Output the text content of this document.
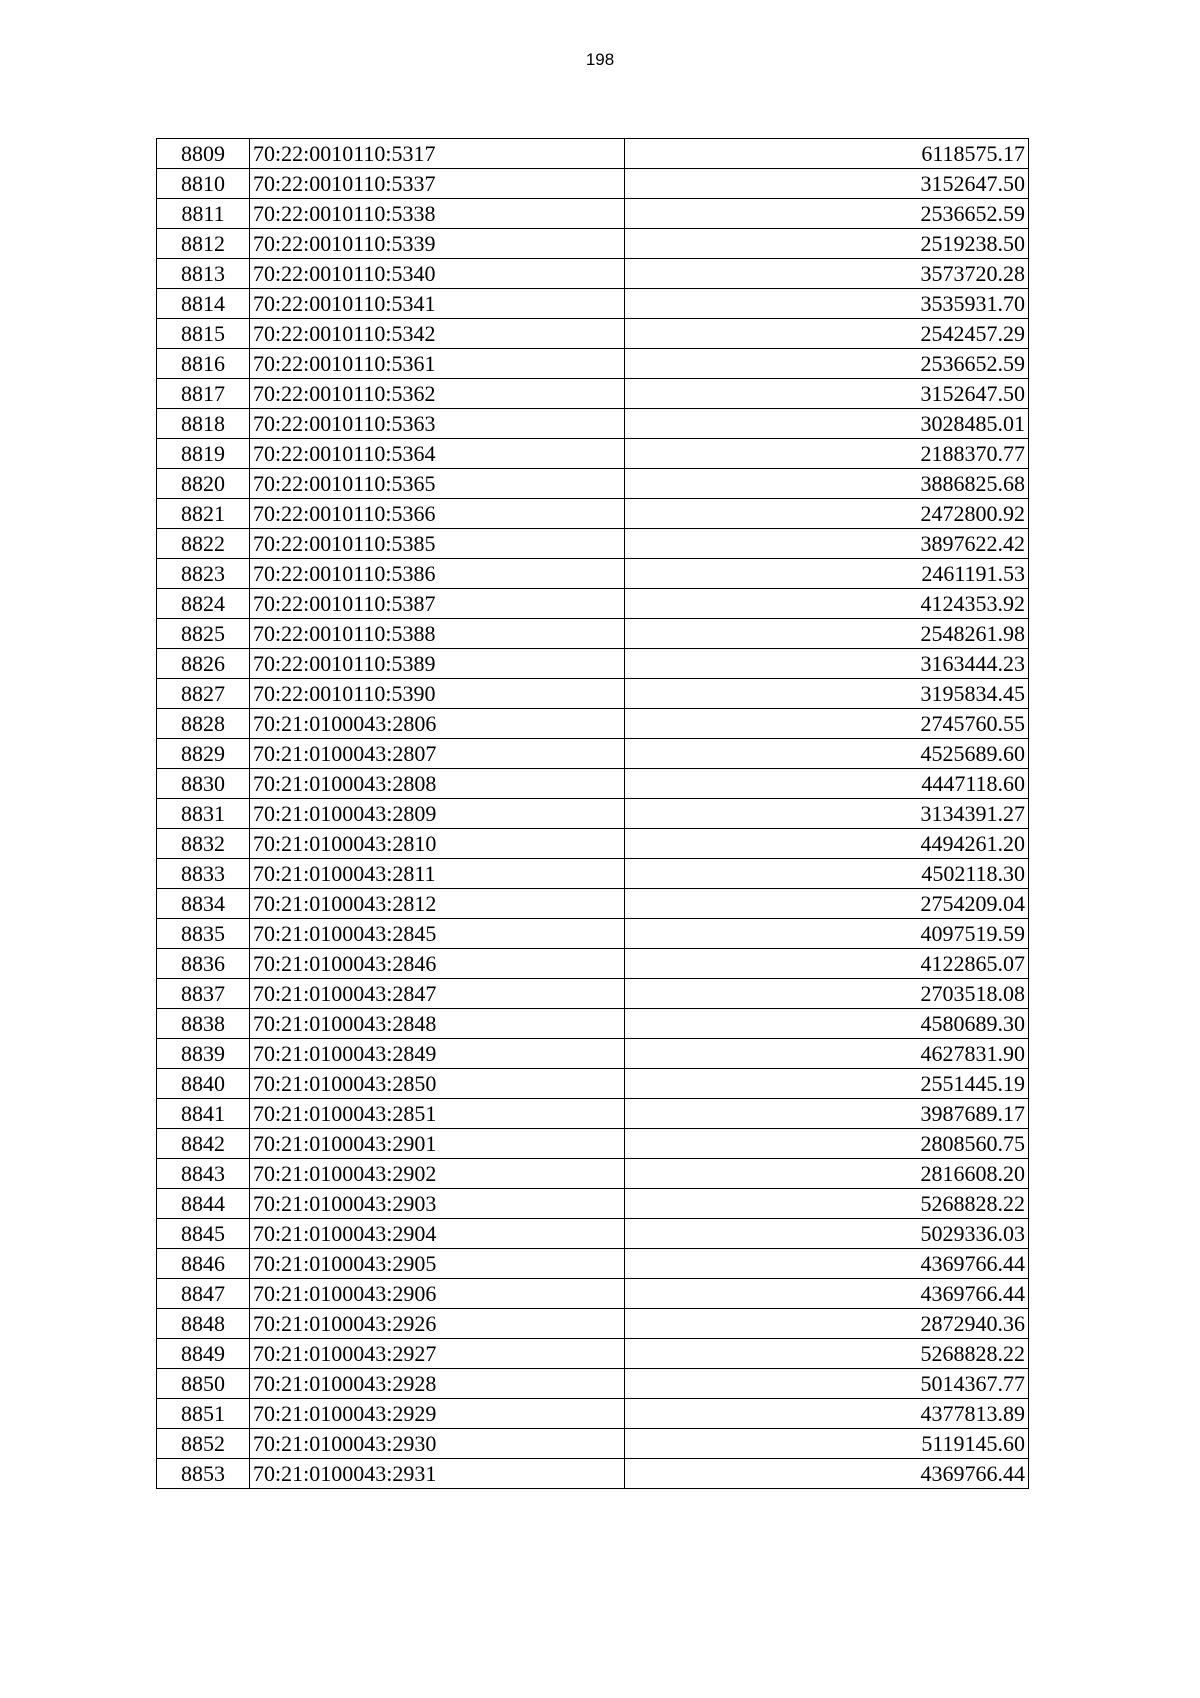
198
8809	70:22:0010110:5317	6118575.17
8810	70:22:0010110:5337	3152647.50
8811	70:22:0010110:5338	2536652.59
8812	70:22:0010110:5339	2519238.50
8813	70:22:0010110:5340	3573720.28
8814	70:22:0010110:5341	3535931.70
8815	70:22:0010110:5342	2542457.29
8816	70:22:0010110:5361	2536652.59
8817	70:22:0010110:5362	3152647.50
8818	70:22:0010110:5363	3028485.01
8819	70:22:0010110:5364	2188370.77
8820	70:22:0010110:5365	3886825.68
8821	70:22:0010110:5366	2472800.92
8822	70:22:0010110:5385	3897622.42
8823	70:22:0010110:5386	2461191.53
8824	70:22:0010110:5387	4124353.92
8825	70:22:0010110:5388	2548261.98
8826	70:22:0010110:5389	3163444.23
8827	70:22:0010110:5390	3195834.45
8828	70:21:0100043:2806	2745760.55
8829	70:21:0100043:2807	4525689.60
8830	70:21:0100043:2808	4447118.60
8831	70:21:0100043:2809	3134391.27
8832	70:21:0100043:2810	4494261.20
8833	70:21:0100043:2811	4502118.30
8834	70:21:0100043:2812	2754209.04
8835	70:21:0100043:2845	4097519.59
8836	70:21:0100043:2846	4122865.07
8837	70:21:0100043:2847	2703518.08
8838	70:21:0100043:2848	4580689.30
8839	70:21:0100043:2849	4627831.90
8840	70:21:0100043:2850	2551445.19
8841	70:21:0100043:2851	3987689.17
8842	70:21:0100043:2901	2808560.75
8843	70:21:0100043:2902	2816608.20
8844	70:21:0100043:2903	5268828.22
8845	70:21:0100043:2904	5029336.03
8846	70:21:0100043:2905	4369766.44
8847	70:21:0100043:2906	4369766.44
8848	70:21:0100043:2926	2872940.36
8849	70:21:0100043:2927	5268828.22
8850	70:21:0100043:2928	5014367.77
8851	70:21:0100043:2929	4377813.89
8852	70:21:0100043:2930	5119145.60
8853	70:21:0100043:2931	4369766.44
